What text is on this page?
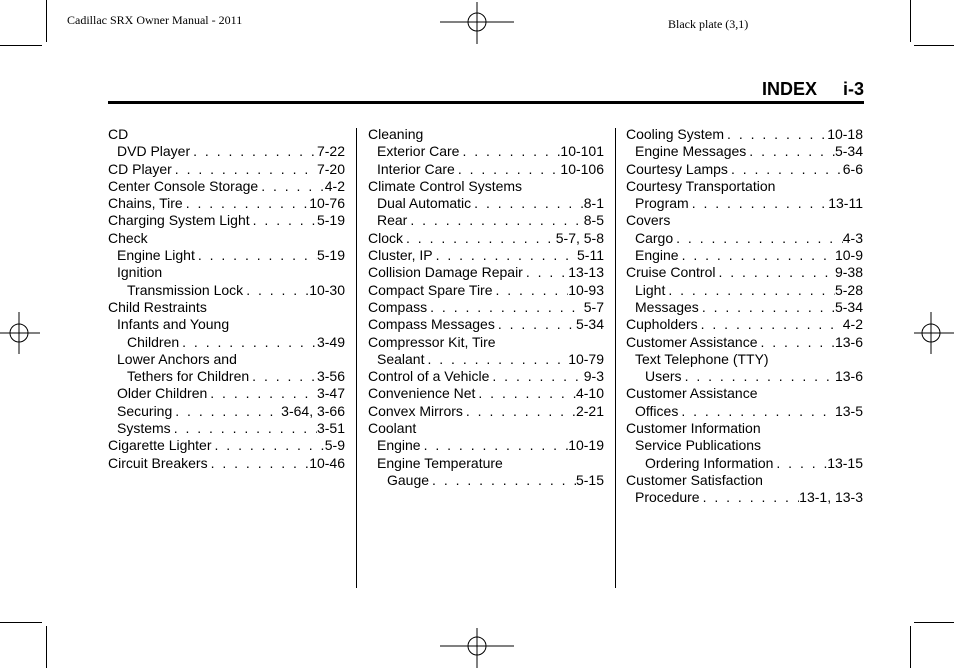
Cadillac SRX Owner Manual - 2011	Black plate (3,1)
INDEX i-3
CD
DVD Player . . .	7-22
CD Player . . .	7-20
Center Console Storage . . .	4-2
Chains, Tire . . .	10-76
Charging System Light . . .	5-19
Check
Engine Light . . .	5-19
Ignition
Transmission Lock . . .	10-30
Child Restraints
Infants and Young
Children . . .	3-49
Lower Anchors and
Tethers for Children . . .	3-56
Older Children . . .	3-47
Securing . . .	3-64, 3-66
Systems . . .	3-51
Cigarette Lighter . . .	5-9
Circuit Breakers . . .	10-46
Cleaning
Exterior Care . . .	10-101
Interior Care . . .	10-106
Climate Control Systems
Dual Automatic . . .	8-1
Rear . . .	8-5
Clock . . .	5-7, 5-8
Cluster, IP . . .	5-11
Collision Damage Repair . . .	13-13
Compact Spare Tire . . .	10-93
Compass . . .	5-7
Compass Messages . . .	5-34
Compressor Kit, Tire
Sealant . . .	10-79
Control of a Vehicle . . .	9-3
Convenience Net . . .	4-10
Convex Mirrors . . .	2-21
Coolant
Engine . . .	10-19
Engine Temperature
Gauge . . .	5-15
Cooling System . . .	10-18
Engine Messages . . .	5-34
Courtesy Lamps . . .	6-6
Courtesy Transportation
Program . . .	13-11
Covers
Cargo . . .	4-3
Engine . . .	10-9
Cruise Control . . .	9-38
Light . . .	5-28
Messages . . .	5-34
Cupholders . . .	4-2
Customer Assistance . . .	13-6
Text Telephone (TTY)
Users . . .	13-6
Customer Assistance
Offices . . .	13-5
Customer Information
Service Publications
Ordering Information . . .	13-15
Customer Satisfaction
Procedure . . .	13-1, 13-3
